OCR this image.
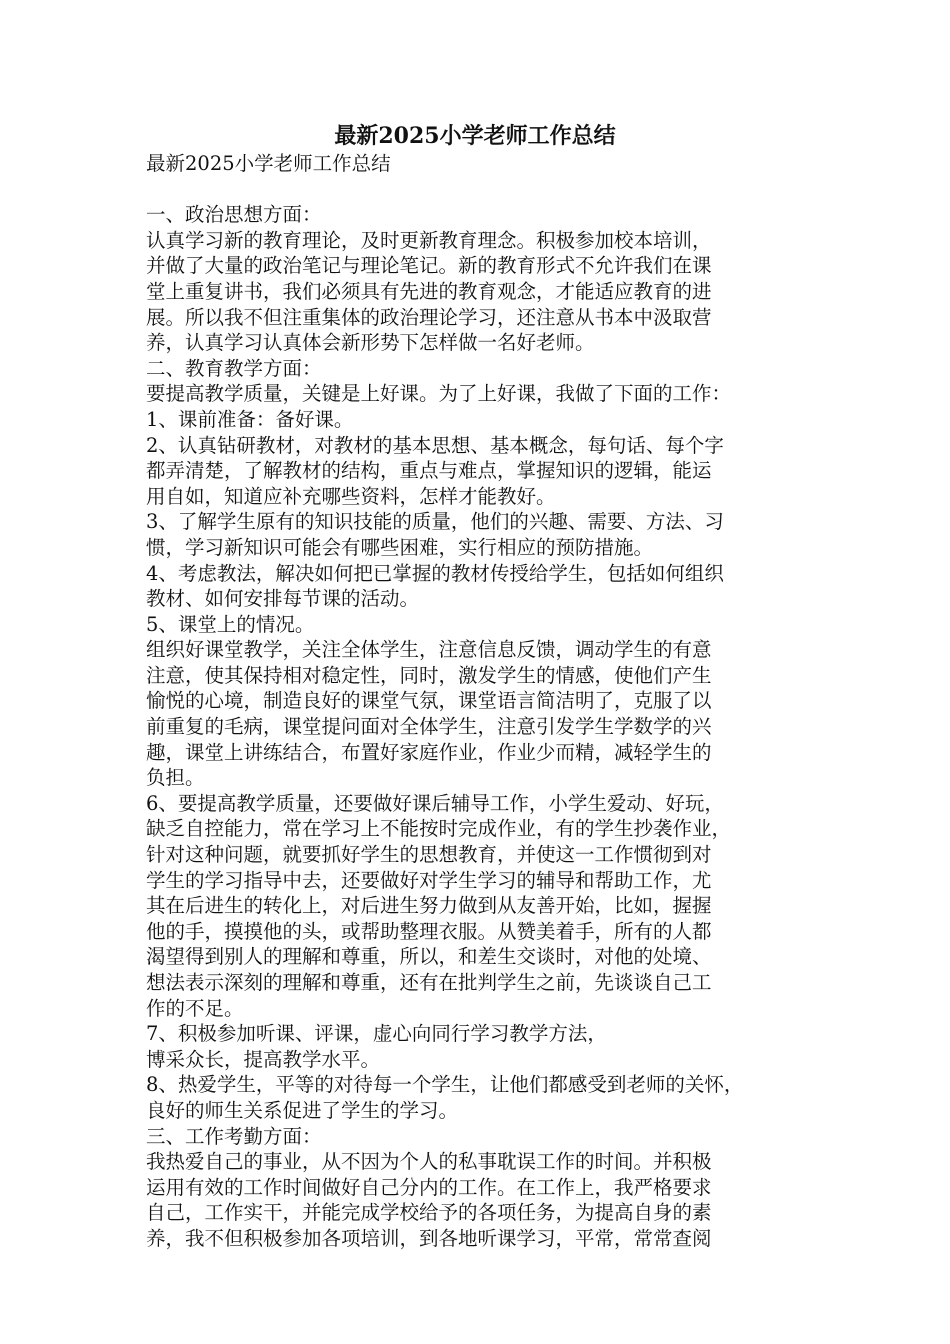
最新2025小学老师工作总结
最新2025小学老师工作总结
一、政治思想方面：
认真学习新的教育理论，及时更新教育理念。积极参加校本培训，
并做了大量的政治笔记与理论笔记。新的教育形式不允许我们在课
堂上重复讲书，我们必须具有先进的教育观念，才能适应教育的进
展。所以我不但注重集体的政治理论学习，还注意从书本中汲取营
养，认真学习认真体会新形势下怎样做一名好老师。
二、教育教学方面：
要提高教学质量，关键是上好课。为了上好课，我做了下面的工作：
1、课前准备：备好课。
2、认真钻研教材，对教材的基本思想、基本概念，每句话、每个字
都弄清楚，了解教材的结构，重点与难点，掌握知识的逻辑，能运
用自如，知道应补充哪些资料，怎样才能教好。
3、了解学生原有的知识技能的质量，他们的兴趣、需要、方法、习
惯，学习新知识可能会有哪些困难，实行相应的预防措施。
4、考虑教法，解决如何把已掌握的教材传授给学生，包括如何组织
教材、如何安排每节课的活动。
5、课堂上的情况。
组织好课堂教学，关注全体学生，注意信息反馈，调动学生的有意
注意，使其保持相对稳定性，同时，激发学生的情感，使他们产生
愉悦的心境，制造良好的课堂气氛，课堂语言简洁明了，克服了以
前重复的毛病，课堂提问面对全体学生，注意引发学生学数学的兴
趣，课堂上讲练结合，布置好家庭作业，作业少而精，减轻学生的
负担。
6、要提高教学质量，还要做好课后辅导工作，小学生爱动、好玩，
缺乏自控能力，常在学习上不能按时完成作业，有的学生抄袭作业，
针对这种问题，就要抓好学生的思想教育，并使这一工作惯彻到对
学生的学习指导中去，还要做好对学生学习的辅导和帮助工作，尤
其在后进生的转化上，对后进生努力做到从友善开始，比如，握握
他的手，摸摸他的头，或帮助整理衣服。从赞美着手，所有的人都
渴望得到别人的理解和尊重，所以，和差生交谈时，对他的处境、
想法表示深刻的理解和尊重，还有在批判学生之前，先谈谈自己工
作的不足。
7、积极参加听课、评课，虚心向同行学习教学方法，
博采众长，提高教学水平。
8、热爱学生，平等的对待每一个学生，让他们都感受到老师的关怀，
良好的师生关系促进了学生的学习。
三、工作考勤方面：
我热爱自己的事业，从不因为个人的私事耽误工作的时间。并积极
运用有效的工作时间做好自己分内的工作。在工作上，我严格要求
自己，工作实干，并能完成学校给予的各项任务，为提高自身的素
养，我不但积极参加各项培训，到各地听课学习，平常，常常查阅
